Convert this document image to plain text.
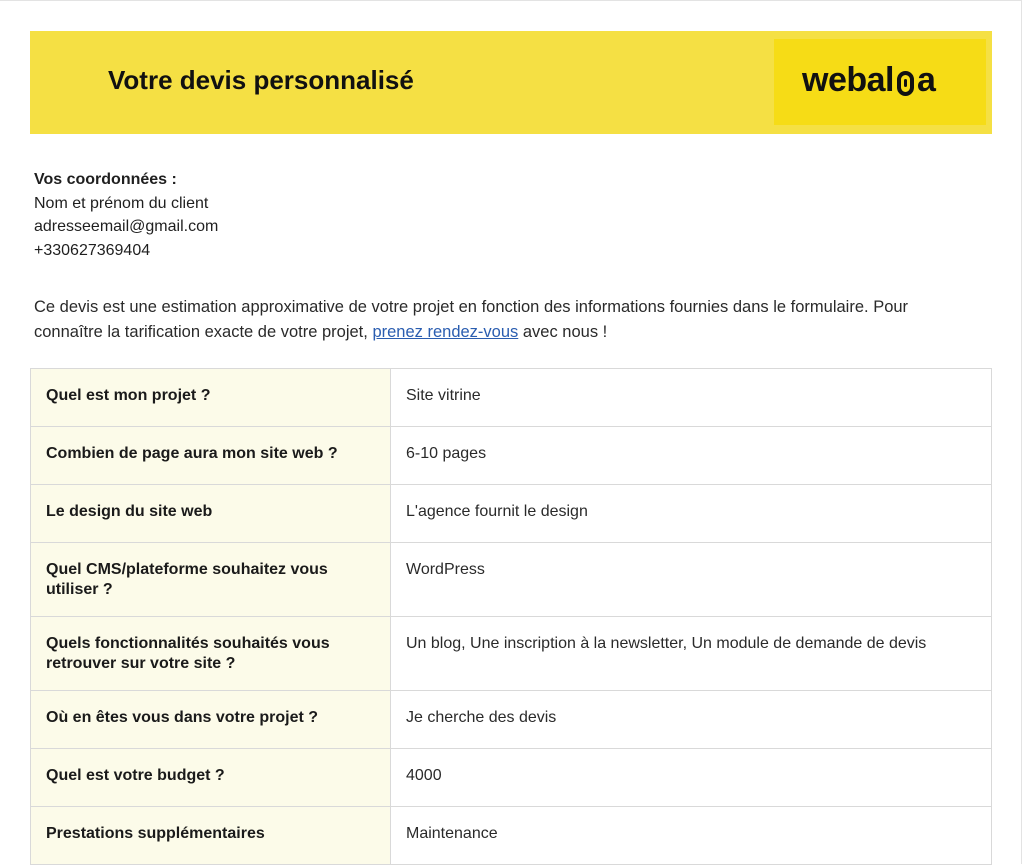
Votre devis personnalisé	webal a
Vos coordonnées :
Nom et prénom du client
adresseemail@gmail.com
+330627369404

Ce devis est une estimation approximative de votre projet en fonction des informations fournies dans le formulaire. Pour connaître la tarification exacte de votre projet, prenez rendez-vous avec nous !

Quel est mon projet ?	Site vitrine
Combien de page aura mon site web ?	6-10 pages
Le design du site web	L'agence fournit le design
Quel CMS/plateforme souhaitez vous utiliser ?	WordPress
Quels fonctionnalités souhaités vous retrouver sur votre site ?	Un blog, Une inscription à la newsletter, Un module de demande de devis
Où en êtes vous dans votre projet ?	Je cherche des devis
Quel est votre budget ?	4000
Prestations supplémentaires	Maintenance
